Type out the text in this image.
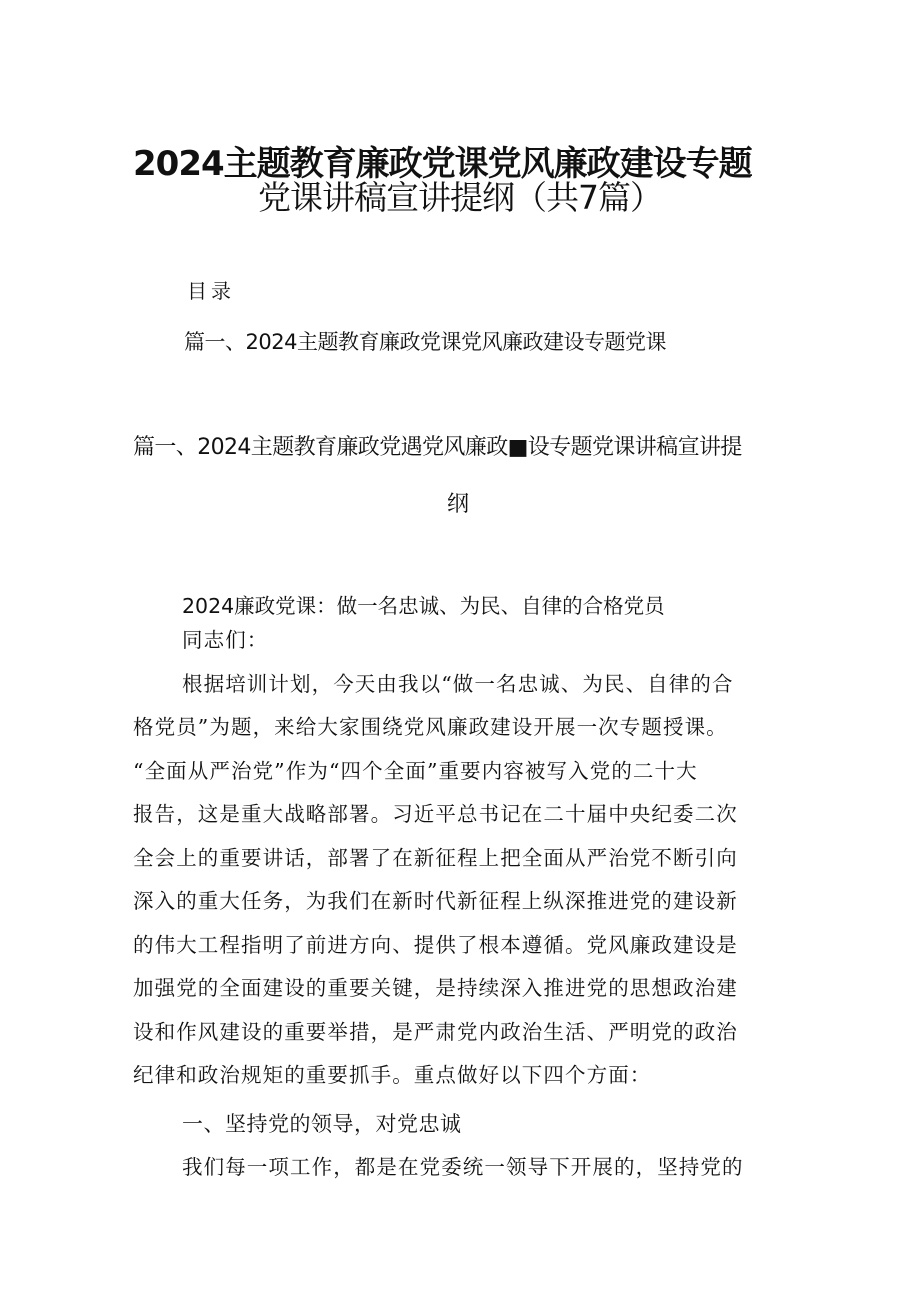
2024主题教育廉政党课党风廉政建设专题
党课讲稿宣讲提纲（共7篇）
目录
篇一、2024主题教育廉政党课党风廉政建设专题党课
篇一、2024主题教育廉政党遇党风廉政■设专题党课讲稿宣讲提
纲
2024廉政党课：做一名忠诚、为民、自律的合格党员
同志们：
根据培训计划，今天由我以“做一名忠诚、为民、自律的合
格党员”为题，来给大家围绕党风廉政建设开展一次专题授课。
“全面从严治党”作为“四个全面”重要内容被写入党的二十大
报告，这是重大战略部署。习近平总书记在二十届中央纪委二次
全会上的重要讲话，部署了在新征程上把全面从严治党不断引向
深入的重大任务，为我们在新时代新征程上纵深推进党的建设新
的伟大工程指明了前进方向、提供了根本遵循。党风廉政建设是
加强党的全面建设的重要关键，是持续深入推进党的思想政治建
设和作风建设的重要举措，是严肃党内政治生活、严明党的政治
纪律和政治规矩的重要抓手。重点做好以下四个方面：
一、坚持党的领导，对党忠诚
我们每一项工作，都是在党委统一领导下开展的，坚持党的
